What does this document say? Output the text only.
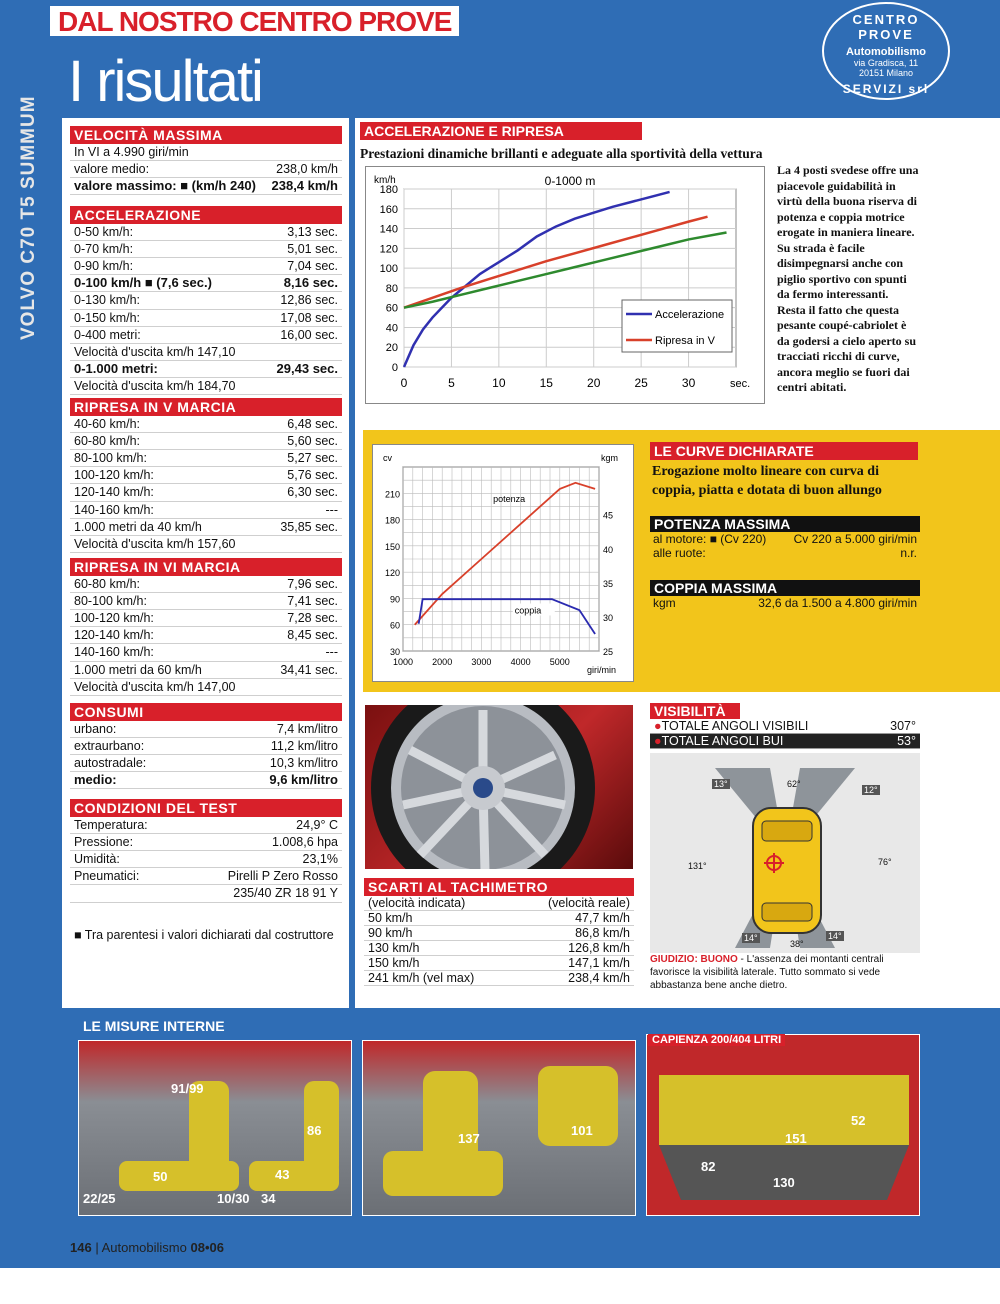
DAL NOSTRO CENTRO PROVE
I risultati
VOLVO C70 T5 SUMMUM
CENTRO PROVE
Automobilismo
via Gradisca, 11
20151 Milano
SERVIZI srl
VELOCITÀ MASSIMA
In VI a 4.990 giri/min
valore medio:	238,0 km/h
valore massimo: ■ (km/h 240) 238,4 km/h
ACCELERAZIONE
0-50 km/h:	3,13 sec.
0-70 km/h:	5,01 sec.
0-90 km/h:	7,04 sec.
0-100 km/h ■ (7,6 sec.)	8,16 sec.
0-130 km/h:	12,86 sec.
0-150 km/h:	17,08 sec.
0-400 metri:	16,00 sec.
Velocità d'uscita km/h 147,10
0-1.000 metri:	29,43 sec.
Velocità d'uscita km/h 184,70
RIPRESA IN V MARCIA
40-60 km/h:	6,48 sec.
60-80 km/h:	5,60 sec.
80-100 km/h:	5,27 sec.
100-120 km/h:	5,76 sec.
120-140 km/h:	6,30 sec.
140-160 km/h:	---
1.000 metri da 40 km/h	35,85 sec.
Velocità d'uscita km/h 157,60
RIPRESA IN VI MARCIA
60-80 km/h:	7,96 sec.
80-100 km/h:	7,41 sec.
100-120 km/h:	7,28 sec.
120-140 km/h:	8,45 sec.
140-160 km/h:	---
1.000 metri da 60 km/h	34,41 sec.
Velocità d'uscita km/h 147,00
CONSUMI
urbano:	7,4 km/litro
extraurbano:	11,2 km/litro
autostradale:	10,3 km/litro
medio:	9,6 km/litro
CONDIZIONI DEL TEST
Temperatura:	24,9° C
Pressione:	1.008,6 hpa
Umidità:	23,1%
Pneumatici:	Pirelli P Zero Rosso
235/40 ZR 18 91 Y
■ Tra parentesi i valori dichiarati dal costruttore
ACCELERAZIONE E RIPRESA
Prestazioni dinamiche brillanti e adeguate alla sportività della vettura
La 4 posti svedese offre una piacevole guidabilità in virtù della buona riserva di potenza e coppia motrice erogate in maniera lineare. Su strada è facile disimpegnarsi anche con piglio sportivo con spunti da fermo interessanti. Resta il fatto che questa pesante coupé-cabriolet è da godersi a cielo aperto su tracciati ricchi di curve, ancora meglio se fuori dai centri abitati.
0
20
40
60
80
100
120
140
160
180
0	5	10	15	20	25	30
km/h
sec.
0-1000 m
Accelerazione
Ripresa in V
30
60
90
120
150
180
210
25
30
35
40
45
1000 2000 3000 4000 5000
cv	kgm
giri/min
potenza
coppia
LE CURVE DICHIARATE
Erogazione molto lineare con curva di coppia, piatta e dotata di buon allungo
POTENZA MASSIMA
al motore: ■ (Cv 220) Cv 220 a 5.000 giri/min
alle ruote:	n.r.
COPPIA MASSIMA
kgm	32,6 da 1.500 a 4.800 giri/min
SCARTI AL TACHIMETRO
(velocità indicata)	(velocità reale)
50 km/h	47,7 km/h
90 km/h	86,8 km/h
130 km/h	126,8 km/h
150 km/h	147,1 km/h
241 km/h (vel max)	238,4 km/h
VISIBILITÀ
●TOTALE ANGOLI VISIBILI	307°
●TOTALE ANGOLI BUI	53°
13°	62°
12°
131°	76°
14°
38°
14°
GIUDIZIO: BUONO - L'assenza dei montanti centrali favorisce la visibilità laterale. Tutto sommato si vede abbastanza bene anche dietro.
LE MISURE INTERNE
91/99
50
86
43
22/25	10/30 34
137
101
52
151
82
130
CAPIENZA 200/404 LITRI
146 | Automobilismo 08•06
